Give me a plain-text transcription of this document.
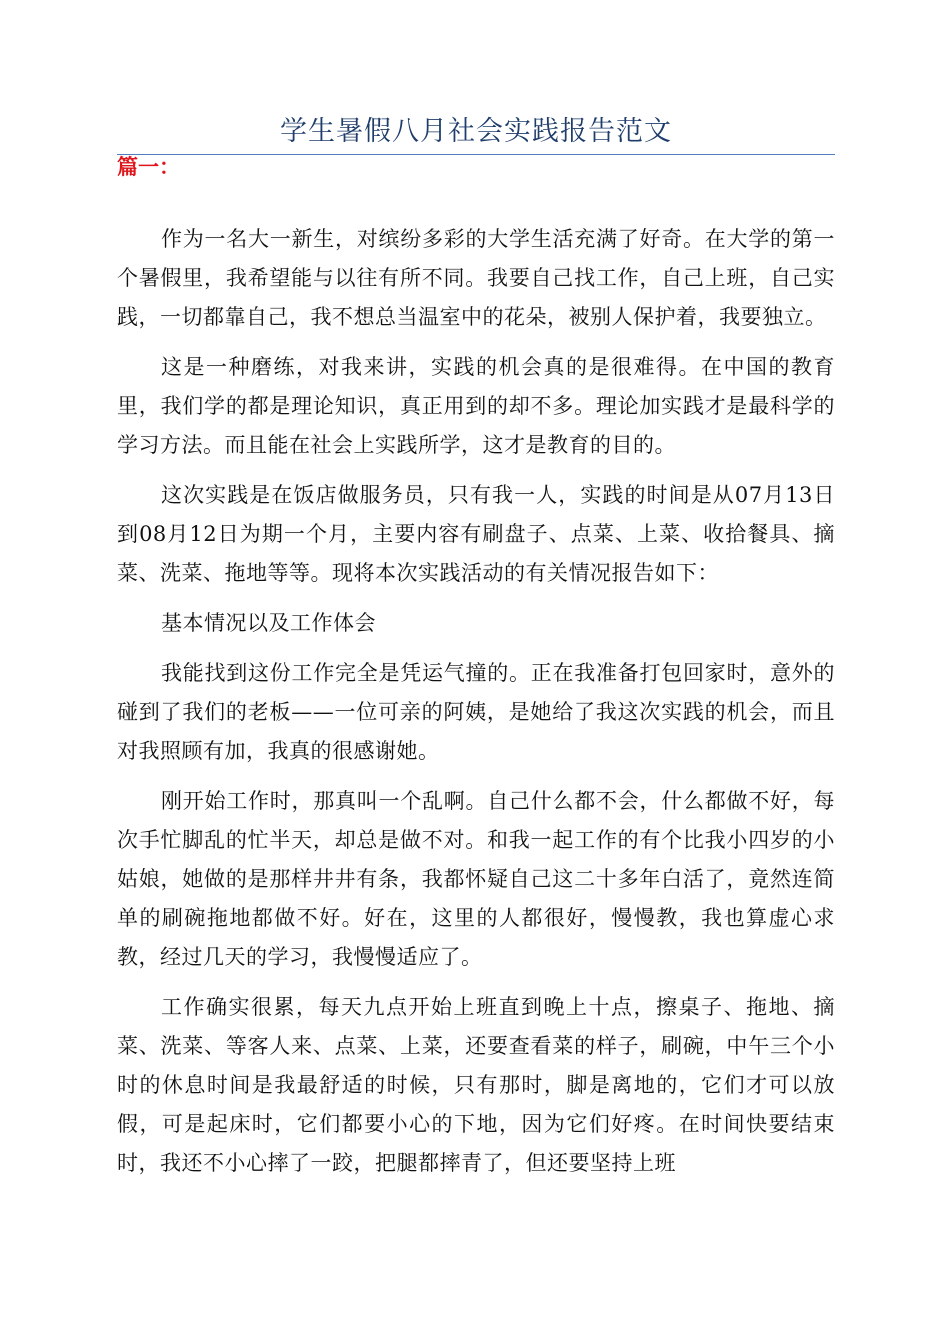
学生暑假八月社会实践报告范文
篇一：

作为一名大一新生，对缤纷多彩的大学生活充满了好奇。在大学的第一个暑假里，我希望能与以往有所不同。我要自己找工作，自己上班，自己实践，一切都靠自己，我不想总当温室中的花朵，被别人保护着，我要独立。

这是一种磨练，对我来讲，实践的机会真的是很难得。在中国的教育里，我们学的都是理论知识，真正用到的却不多。理论加实践才是最科学的学习方法。而且能在社会上实践所学，这才是教育的目的。

这次实践是在饭店做服务员，只有我一人，实践的时间是从07月13日到08月12日为期一个月，主要内容有刷盘子、点菜、上菜、收拾餐具、摘菜、洗菜、拖地等等。现将本次实践活动的有关情况报告如下：

基本情况以及工作体会

我能找到这份工作完全是凭运气撞的。正在我准备打包回家时，意外的碰到了我们的老板——一位可亲的阿姨，是她给了我这次实践的机会，而且对我照顾有加，我真的很感谢她。

刚开始工作时，那真叫一个乱啊。自己什么都不会，什么都做不好，每次手忙脚乱的忙半天，却总是做不对。和我一起工作的有个比我小四岁的小姑娘，她做的是那样井井有条，我都怀疑自己这二十多年白活了，竟然连简单的刷碗拖地都做不好。好在，这里的人都很好，慢慢教，我也算虚心求教，经过几天的学习，我慢慢适应了。

工作确实很累，每天九点开始上班直到晚上十点，擦桌子、拖地、摘菜、洗菜、等客人来、点菜、上菜，还要查看菜的样子，刷碗，中午三个小时的休息时间是我最舒适的时候，只有那时，脚是离地的，它们才可以放假，可是起床时，它们都要小心的下地，因为它们好疼。在时间快要结束时，我还不小心摔了一跤，把腿都摔青了，但还要坚持上班
